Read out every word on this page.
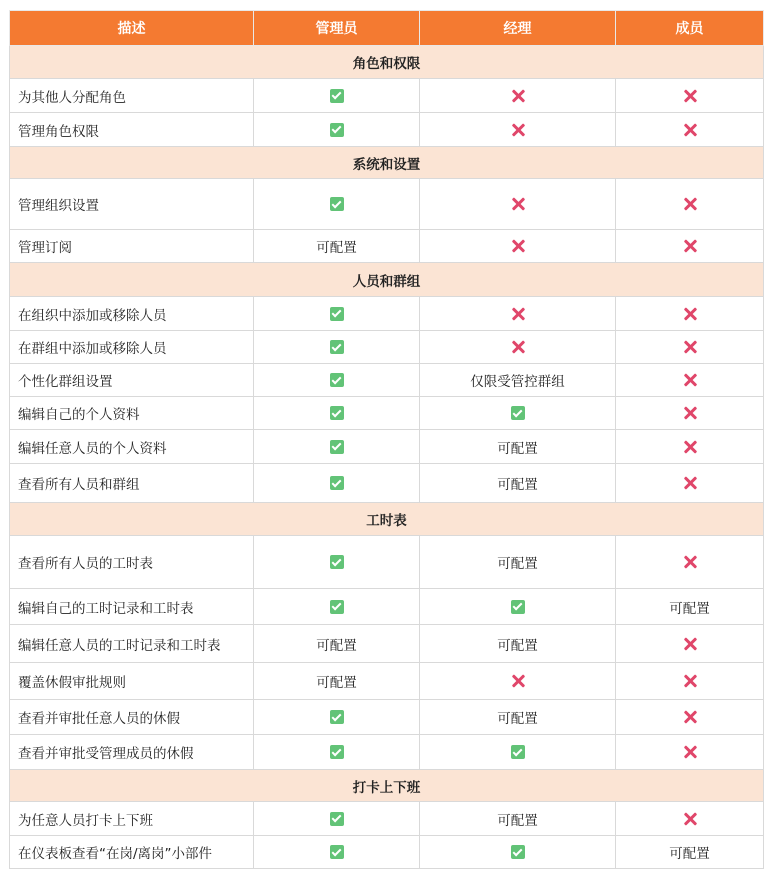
描述	管理员	经理	成员
角色和权限			
为其他人分配角色			
管理角色权限			
系统和设置			
管理组织设置			
管理订阅	可配置		
人员和群组			
在组织中添加或移除人员			
在群组中添加或移除人员			
个性化群组设置		仅限受管控群组	
编辑自己的个人资料			
编辑任意人员的个人资料		可配置	
查看所有人员和群组		可配置	
工时表			
查看所有人员的工时表		可配置	
编辑自己的工时记录和工时表			可配置
编辑任意人员的工时记录和工时表	可配置	可配置	
覆盖休假审批规则	可配置		
查看并审批任意人员的休假		可配置	
查看并审批受管理成员的休假			
打卡上下班			
为任意人员打卡上下班		可配置	
在仪表板查看“在岗/离岗”小部件			可配置
